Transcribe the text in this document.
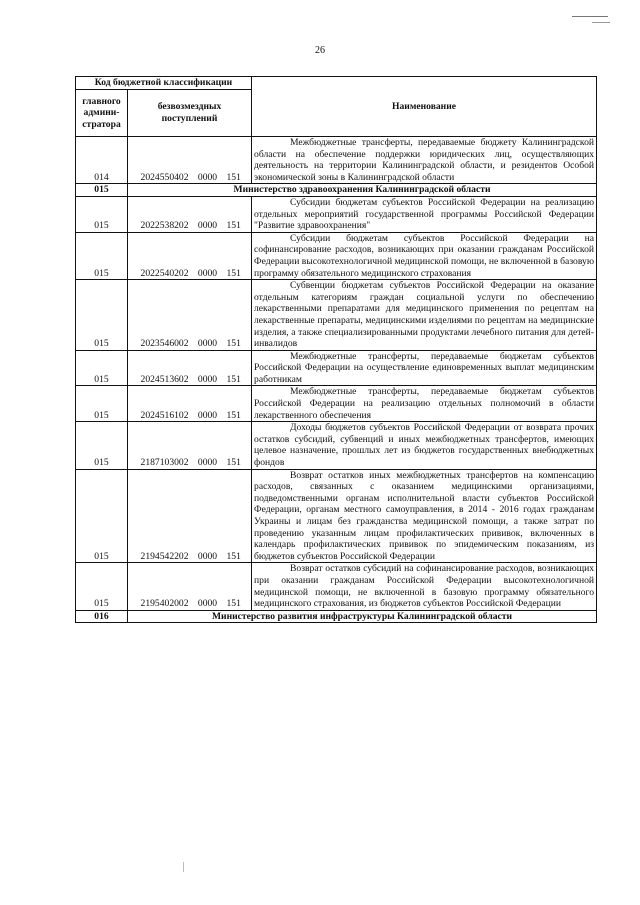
26
Код бюджетной классификации		Наименование
главного админи-стратора	безвозмездных поступлений	
014	2024550402 0000 151	Межбюджетные трансферты, передаваемые бюджету Калининградской области на обеспечение поддержки юридических лиц, осуществляющих деятельность на территории Калининградской области, и резидентов Особой экономической зоны в Калининградской области

015	Министерство здравоохранения Калининградской области	
015	2022538202 0000 151	Субсидии бюджетам субъектов Российской Федерации на реализацию отдельных мероприятий государственной программы Российской Федерации "Развитие здравоохранения"

015	2022540202 0000 151	Субсидии бюджетам субъектов Российской Федерации на софинансирование расходов, возникающих при оказании гражданам Российской Федерации высокотехнологичной медицинской помощи, не включенной в базовую программу обязательного медицинского страхования

015	2023546002 0000 151	Субвенции бюджетам субъектов Российской Федерации на оказание отдельным категориям граждан социальной услуги по обеспечению лекарственными препаратами для медицинского применения по рецептам на лекарственные препараты, медицинскими изделиями по рецептам на медицинские изделия, а также специализированными продуктами лечебного питания для детей-инвалидов

015	2024513602 0000 151	Межбюджетные трансферты, передаваемые бюджетам субъектов Российской Федерации на осуществление единовременных выплат медицинским работникам

015	2024516102 0000 151	Межбюджетные трансферты, передаваемые бюджетам субъектов Российской Федерации на реализацию отдельных полномочий в области лекарственного обеспечения

015	2187103002 0000 151	Доходы бюджетов субъектов Российской Федерации от возврата прочих остатков субсидий, субвенций и иных межбюджетных трансфертов, имеющих целевое назначение, прошлых лет из бюджетов государственных внебюджетных фондов

015	2194542202 0000 151	Возврат остатков иных межбюджетных трансфертов на компенсацию расходов, связанных с оказанием медицинскими организациями, подведомственными органам исполнительной власти субъектов Российской Федерации, органам местного самоуправления, в 2014 - 2016 годах гражданам Украины и лицам без гражданства медицинской помощи, а также затрат по проведению указанным лицам профилактических прививок, включенных в календарь профилактических прививок по эпидемическим показаниям, из бюджетов субъектов Российской Федерации

015	2195402002 0000 151	Возврат остатков субсидий на софинансирование расходов, возникающих при оказании гражданам Российской Федерации высокотехнологичной медицинской помощи, не включенной в базовую программу обязательного медицинского страхования, из бюджетов субъектов Российской Федерации

016	Министерство развития инфраструктуры Калининградской области	
